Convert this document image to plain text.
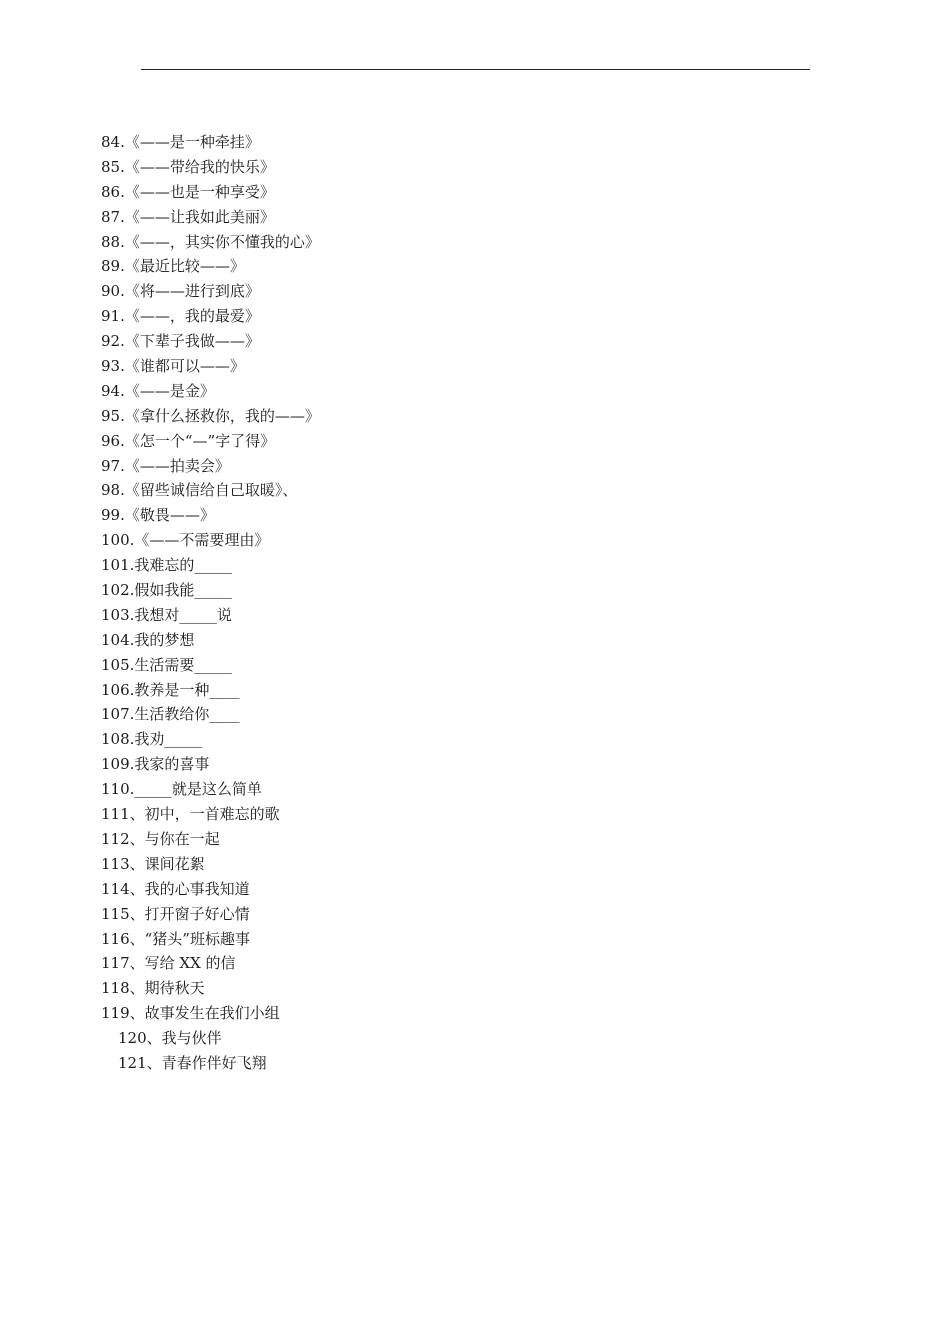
84.《——是一种牵挂》
85.《——带给我的快乐》
86.《——也是一种享受》
87.《——让我如此美丽》
88.《——，其实你不懂我的心》
89.《最近比较——》
90.《将——进行到底》
91.《——，我的最爱》
92.《下辈子我做——》
93.《谁都可以——》
94.《——是金》
95.《拿什么拯救你，我的——》
96.《怎一个“—”字了得》
97.《——拍卖会》
98.《留些诚信给自己取暖》、
99.《敬畏——》
100.《——不需要理由》
101.我难忘的_____
102.假如我能_____
103.我想对_____说
104.我的梦想
105.生活需要_____
106.教养是一种____
107.生活教给你____
108.我劝_____
109.我家的喜事
110._____就是这么简单
111、初中，一首难忘的歌
112、与你在一起
113、课间花絮
114、我的心事我知道
115、打开窗子好心情
116、“猪头”班标趣事
117、写给 XX 的信
118、期待秋天
119、故事发生在我们小组
120、我与伙伴
121、青春作伴好飞翔
